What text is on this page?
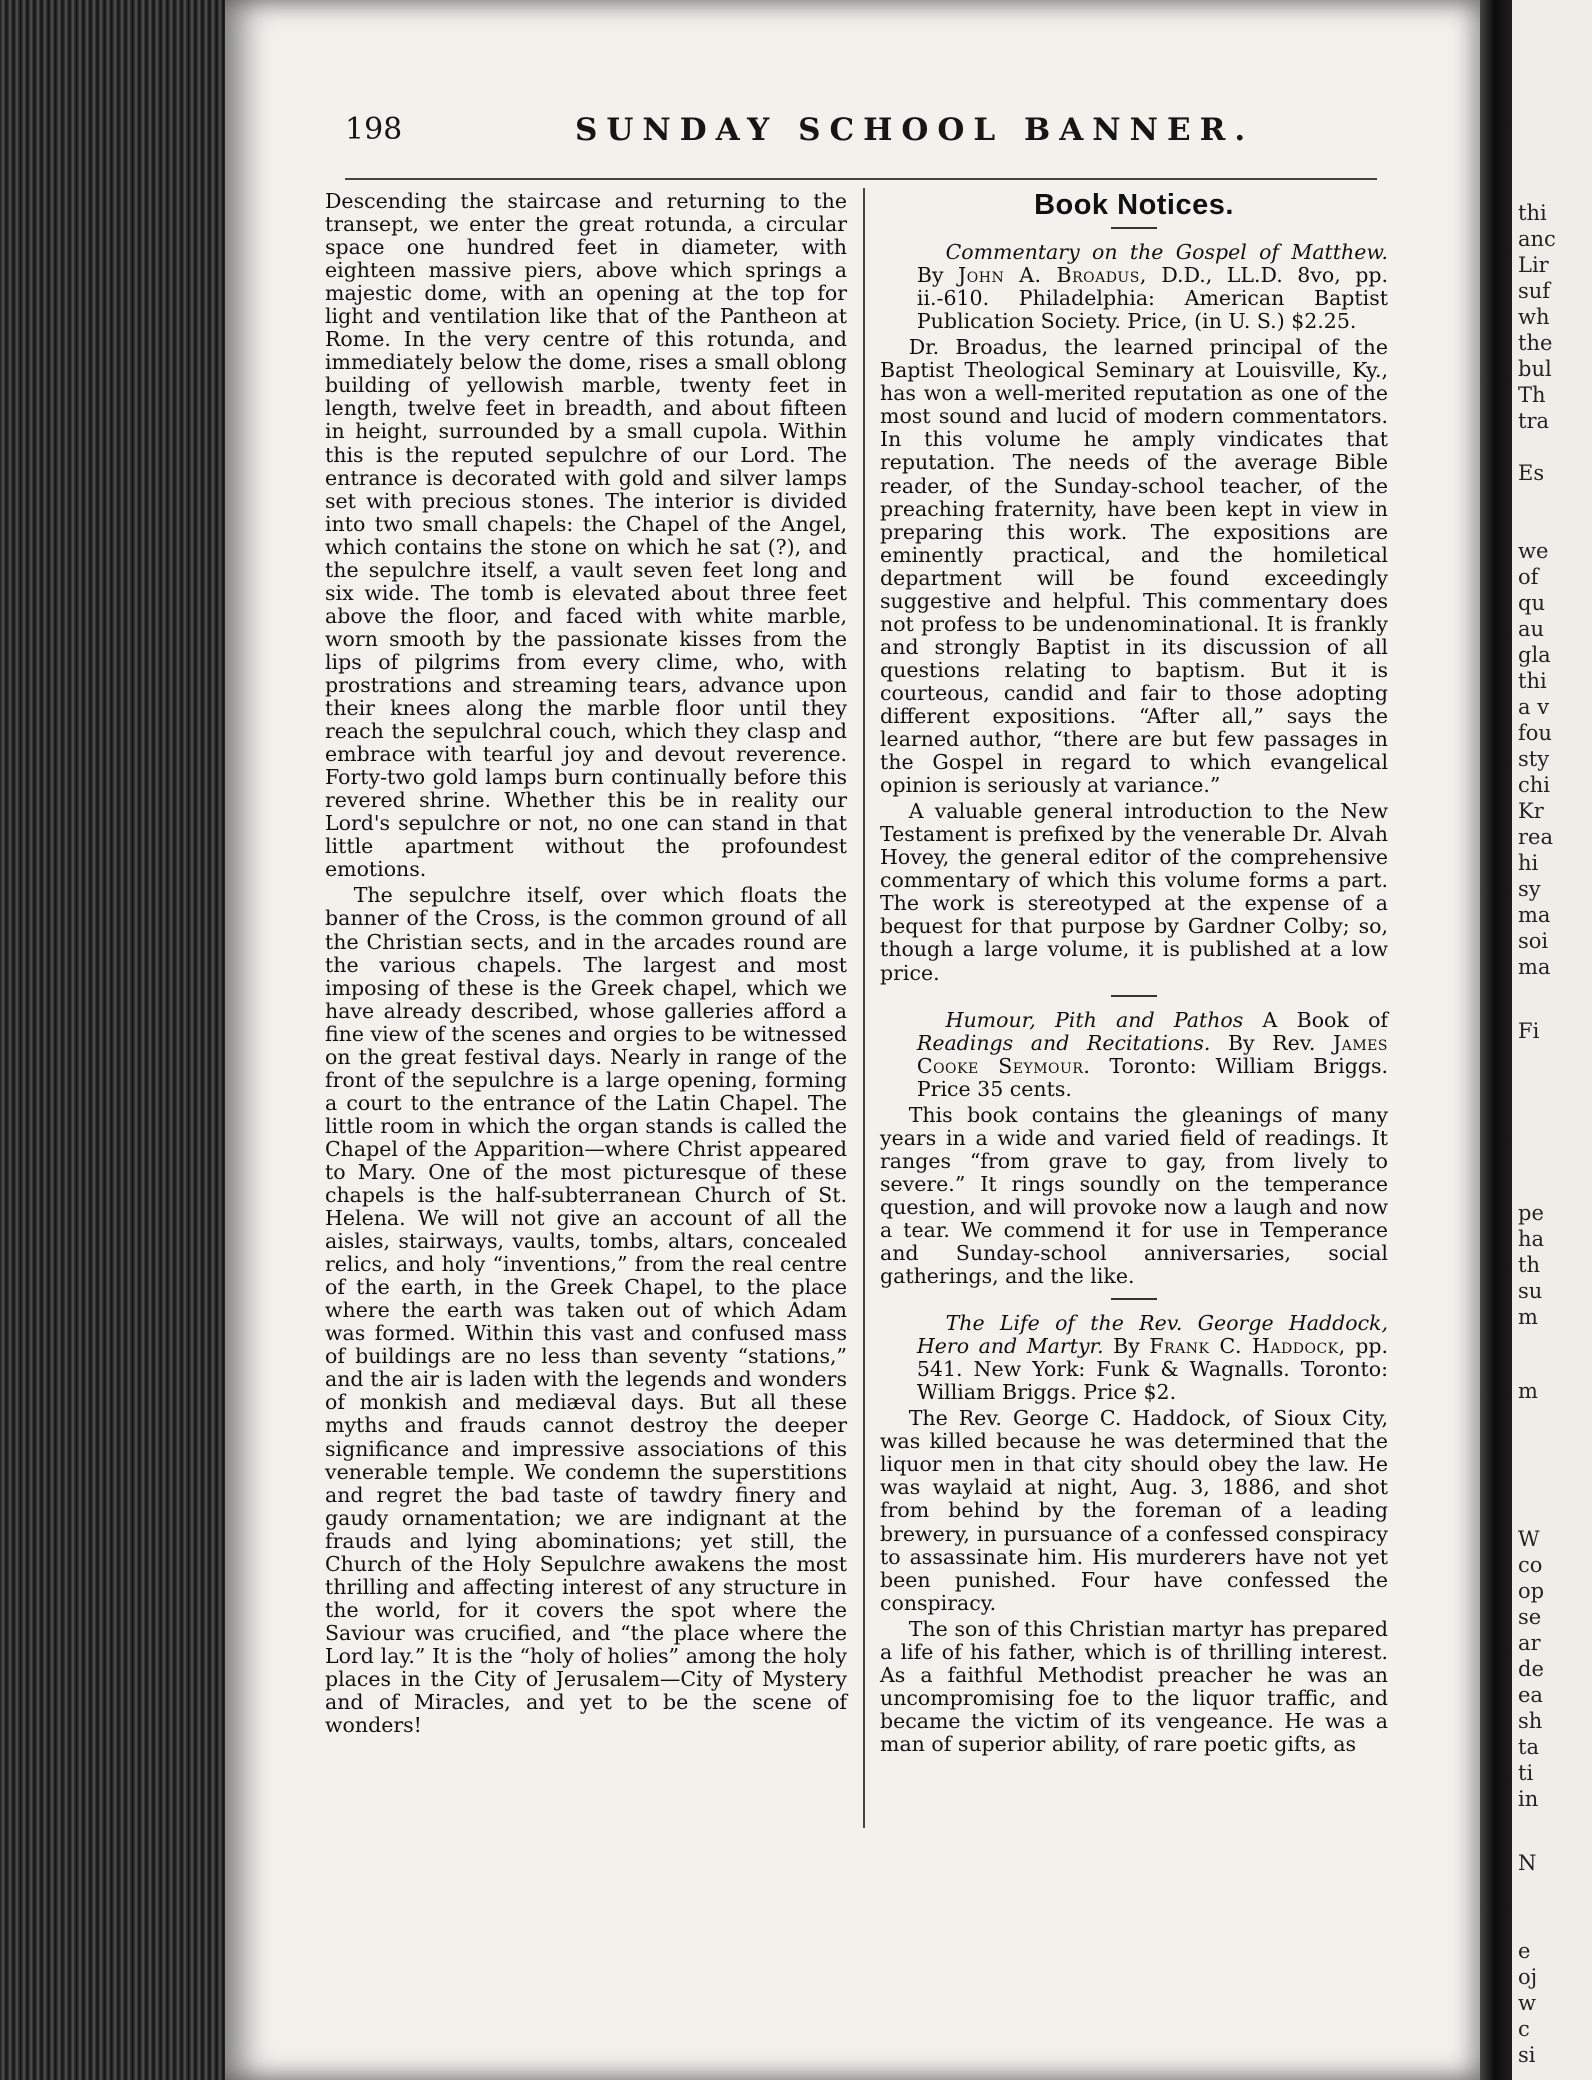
198	SUNDAY SCHOOL BANNER.

Descending the staircase and returning to the transept, we enter the great rotunda, a circular space one hundred feet in diameter, with eighteen massive piers, above which springs a majestic dome, with an opening at the top for light and ventilation like that of the Pantheon at Rome. In the very centre of this rotunda, and immediately below the dome, rises a small oblong building of yellowish marble, twenty feet in length, twelve feet in breadth, and about fifteen in height, surrounded by a small cupola. Within this is the reputed sepulchre of our Lord. The entrance is decorated with gold and silver lamps set with precious stones. The interior is divided into two small chapels: the Chapel of the Angel, which contains the stone on which he sat (?), and the sepulchre itself, a vault seven feet long and six wide. The tomb is elevated about three feet above the floor, and faced with white marble, worn smooth by the passionate kisses from the lips of pilgrims from every clime, who, with prostrations and streaming tears, advance upon their knees along the marble floor until they reach the sepulchral couch, which they clasp and embrace with tearful joy and devout reverence. Forty-two gold lamps burn continually before this revered shrine. Whether this be in reality our Lord's sepulchre or not, no one can stand in that little apartment without the profoundest emotions.

The sepulchre itself, over which floats the banner of the Cross, is the common ground of all the Christian sects, and in the arcades round are the various chapels. The largest and most imposing of these is the Greek chapel, which we have already described, whose galleries afford a fine view of the scenes and orgies to be witnessed on the great festival days. Nearly in range of the front of the sepulchre is a large opening, forming a court to the entrance of the Latin Chapel. The little room in which the organ stands is called the Chapel of the Apparition—where Christ appeared to Mary. One of the most picturesque of these chapels is the half-subterranean Church of St. Helena. We will not give an account of all the aisles, stairways, vaults, tombs, altars, concealed relics, and holy “inventions,” from the real centre of the earth, in the Greek Chapel, to the place where the earth was taken out of which Adam was formed. Within this vast and confused mass of buildings are no less than seventy “stations,” and the air is laden with the legends and wonders of monkish and mediæval days. But all these myths and frauds cannot destroy the deeper significance and impressive associations of this venerable temple. We condemn the superstitions and regret the bad taste of tawdry finery and gaudy ornamentation; we are indignant at the frauds and lying abominations; yet still, the Church of the Holy Sepulchre awakens the most thrilling and affecting interest of any structure in the world, for it covers the spot where the Saviour was crucified, and “the place where the Lord lay.” It is the “holy of holies” among the holy places in the City of Jerusalem—City of Mystery and of Miracles, and yet to be the scene of wonders!

Book Notices.

Commentary on the Gospel of Matthew. By John A. Broadus, D.D., LL.D. 8vo, pp. ii.-610. Philadelphia: American Baptist Publication Society. Price, (in U. S.) $2.25.

Dr. Broadus, the learned principal of the Baptist Theological Seminary at Louisville, Ky., has won a well-merited reputation as one of the most sound and lucid of modern commentators. In this volume he amply vindicates that reputation. The needs of the average Bible reader, of the Sunday-school teacher, of the preaching fraternity, have been kept in view in preparing this work. The expositions are eminently practical, and the homiletical department will be found exceedingly suggestive and helpful. This commentary does not profess to be undenominational. It is frankly and strongly Baptist in its discussion of all questions relating to baptism. But it is courteous, candid and fair to those adopting different expositions. “After all,” says the learned author, “there are but few passages in the Gospel in regard to which evangelical opinion is seriously at variance.”

A valuable general introduction to the New Testament is prefixed by the venerable Dr. Alvah Hovey, the general editor of the comprehensive commentary of which this volume forms a part. The work is stereotyped at the expense of a bequest for that purpose by Gardner Colby; so, though a large volume, it is published at a low price.

Humour, Pith and Pathos A Book of Readings and Recitations. By Rev. James Cooke Seymour. Toronto: William Briggs. Price 35 cents.

This book contains the gleanings of many years in a wide and varied field of readings. It ranges “from grave to gay, from lively to severe.” It rings soundly on the temperance question, and will provoke now a laugh and now a tear. We commend it for use in Temperance and Sunday-school anniversaries, social gatherings, and the like.

The Life of the Rev. George Haddock, Hero and Martyr. By Frank C. Haddock, pp. 541. New York: Funk & Wagnalls. Toronto: William Briggs. Price $2.

The Rev. George C. Haddock, of Sioux City, was killed because he was determined that the liquor men in that city should obey the law. He was waylaid at night, Aug. 3, 1886, and shot from behind by the foreman of a leading brewery, in pursuance of a confessed conspiracy to assassinate him. His murderers have not yet been punished. Four have confessed the conspiracy.

The son of this Christian martyr has prepared a life of his father, which is of thrilling interest. As a faithful Methodist preacher he was an uncompromising foe to the liquor traffic, and became the victim of its vengeance. He was a man of superior ability, of rare poetic gifts, as

thi
anc
Lir
suf
wh
the
bul
Th
tra
Es
we
of
qu
au
gla
thi
a v
fou
sty
chi
Kr
rea
hi
sy
ma
soi
ma
Fi
pe
ha
th
su
m
m
W
co
op
se
ar
de
ea
sh
ta
ti
in
N
e
oj
w
c
si
